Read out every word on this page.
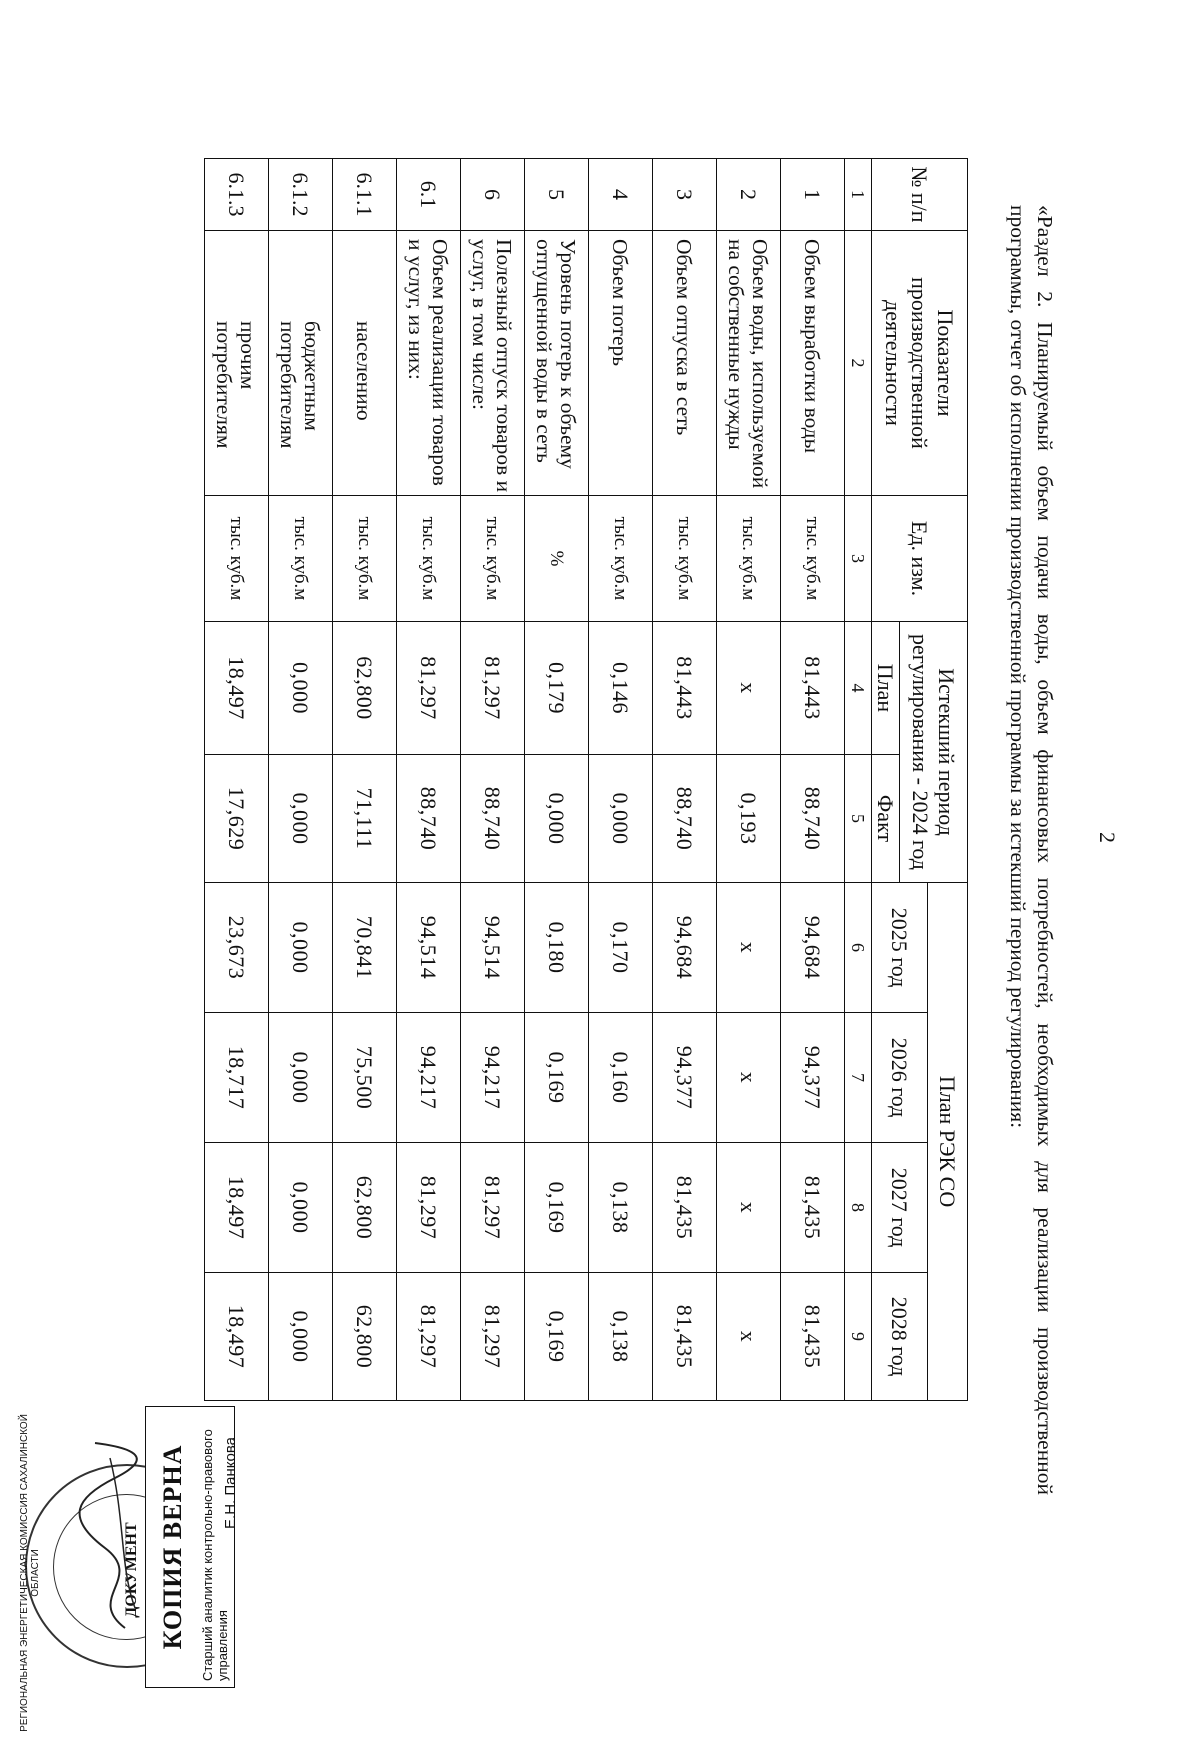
2
«Раздел 2. Планируемый объем подачи воды, объем финансовых потребностей, необходимых для реализации производственной программы, отчет об исполнении производственной программы за истекший период регулирования:
№ п/п	Показатели производственной деятельности	Ед. изм.	Истекший период регулирования - 2024 год		План РЭК СО			
					2025 год	2026 год	2027 год	2028 год
			План	Факт				
1	2	3	4	5	6	7	8	9
1	Объем выработки воды	тыс. куб.м	81,443	88,740	94,684	94,377	81,435	81,435
2	Объем воды, используемой на собственные нужды	тыс. куб.м	x	0,193	x	x	x	x
3	Объем отпуска в сеть	тыс. куб.м	81,443	88,740	94,684	94,377	81,435	81,435
4	Объем потерь	тыс. куб.м	0,146	0,000	0,170	0,160	0,138	0,138
5	Уровень потерь к объему отпущенной воды в сеть	%	0,179	0,000	0,180	0,169	0,169	0,169
6	Полезный отпуск товаров и услуг, в том числе:	тыс. куб.м	81,297	88,740	94,514	94,217	81,297	81,297
6.1	Объем реализации товаров и услуг, из них:	тыс. куб.м	81,297	88,740	94,514	94,217	81,297	81,297
6.1.1	населению	тыс. куб.м	62,800	71,111	70,841	75,500	62,800	62,800
6.1.2	бюджетным потребителям	тыс. куб.м	0,000	0,000	0,000	0,000	0,000	0,000
6.1.3	прочим потребителям	тыс. куб.м	18,497	17,629	23,673	18,717	18,497	18,497
ДОКУМЕНТ
РЕГИОНАЛЬНАЯ ЭНЕРГЕТИЧЕСКАЯ КОМИССИЯ САХАЛИНСКОЙ ОБЛАСТИ	КОПИЯ ВЕРНА Старший аналитик контрольно-правового управления
Е.Н. Панкова
